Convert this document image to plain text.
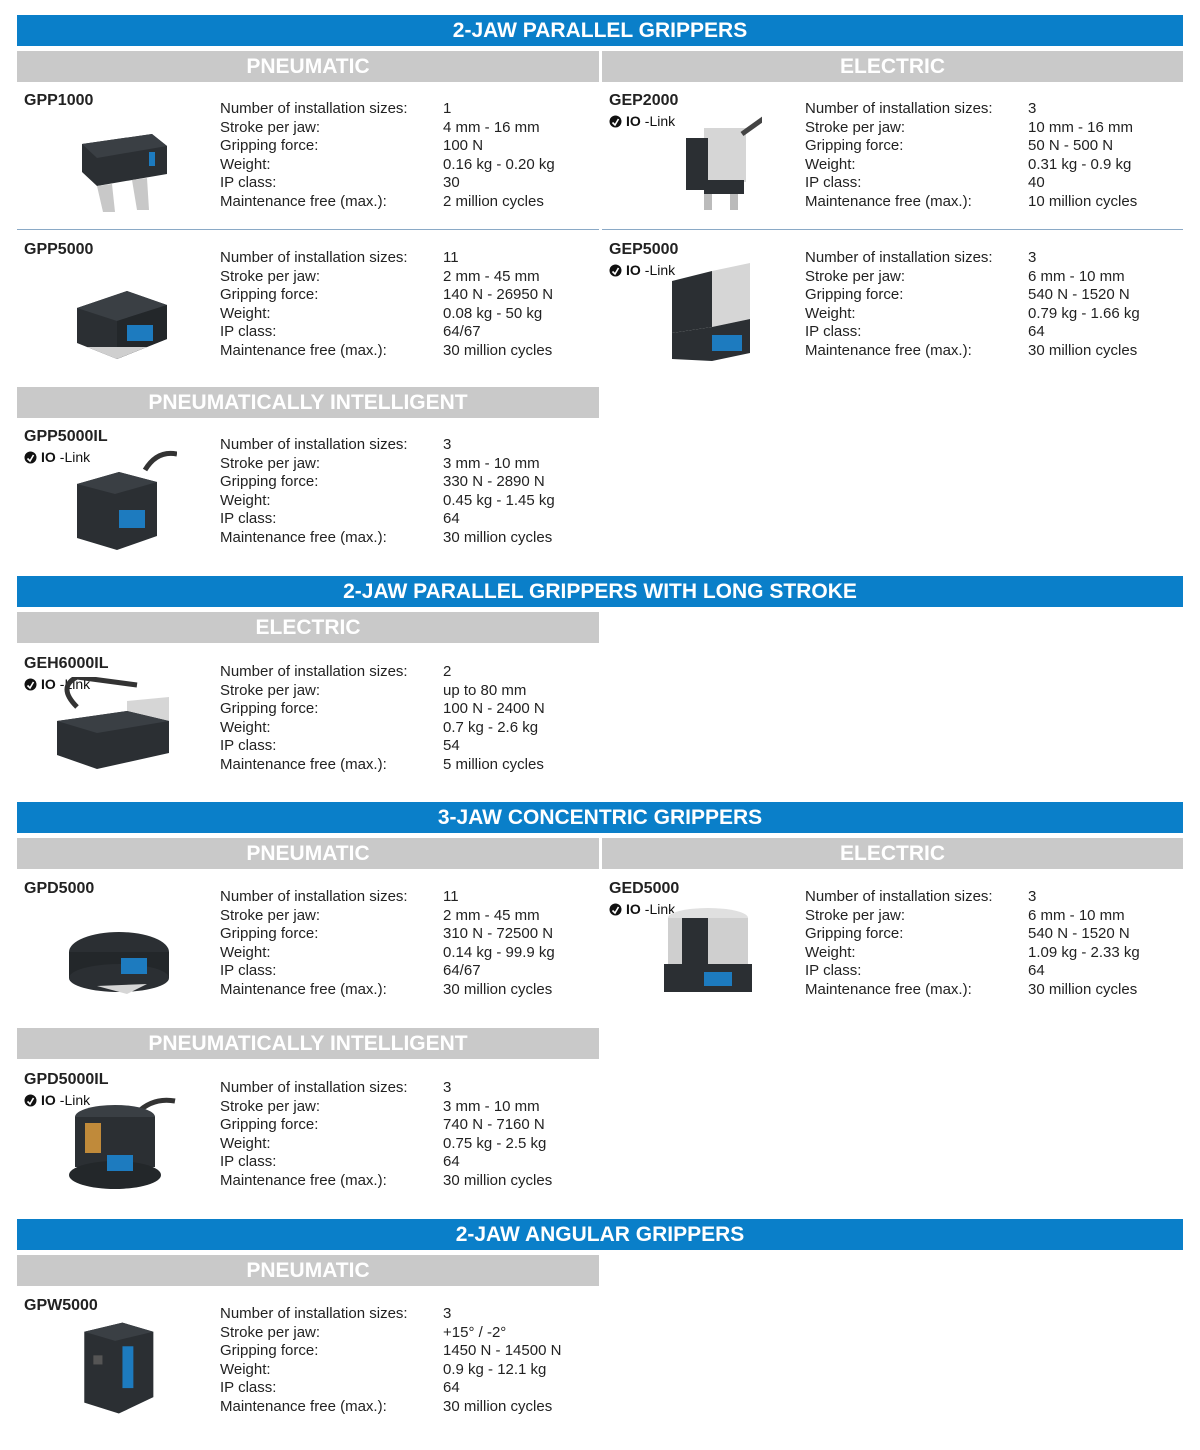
2-JAW PARALLEL GRIPPERS
PNEUMATIC	ELECTRIC
GPP1000	Number of installation sizes:	1
Stroke per jaw:	4 mm - 16 mm
Gripping force:	100 N
Weight:	0.16 kg - 0.20 kg
IP class:	30
Maintenance free (max.):	2 million cycles
GEP2000
IO -Link
Number of installation sizes:	3
Stroke per jaw:	10 mm - 16 mm
Gripping force:	50 N - 500 N
Weight:	0.31 kg - 0.9 kg
IP class:	40
Maintenance free (max.):	10 million cycles
GPP5000	Number of installation sizes:	11
Stroke per jaw:	2 mm - 45 mm
Gripping force:	140 N - 26950 N
Weight:	0.08 kg - 50 kg
IP class:	64/67
Maintenance free (max.):	30 million cycles
GEP5000
IO -Link
Number of installation sizes:	3
Stroke per jaw:	6 mm - 10 mm
Gripping force:	540 N - 1520 N
Weight:	0.79 kg - 1.66 kg
IP class:	64
Maintenance free (max.):	30 million cycles
PNEUMATICALLY INTELLIGENT
GPP5000IL
IO -Link
Number of installation sizes:	3
Stroke per jaw:	3 mm - 10 mm
Gripping force:	330 N - 2890 N
Weight:	0.45 kg - 1.45 kg
IP class:	64
Maintenance free (max.):	30 million cycles
2-JAW PARALLEL GRIPPERS WITH LONG STROKE
ELECTRIC
GEH6000IL
IO -Link
Number of installation sizes:	2
Stroke per jaw:	up to 80 mm
Gripping force:	100 N - 2400 N
Weight:	0.7 kg - 2.6 kg
IP class:	54
Maintenance free (max.):	5 million cycles
3-JAW CONCENTRIC GRIPPERS
PNEUMATIC	ELECTRIC
GPD5000	Number of installation sizes:	11
Stroke per jaw:	2 mm - 45 mm
Gripping force:	310 N - 72500 N
Weight:	0.14 kg - 99.9 kg
IP class:	64/67
Maintenance free (max.):	30 million cycles
GED5000
IO -Link
Number of installation sizes:	3
Stroke per jaw:	6 mm - 10 mm
Gripping force:	540 N - 1520 N
Weight:	1.09 kg - 2.33 kg
IP class:	64
Maintenance free (max.):	30 million cycles
PNEUMATICALLY INTELLIGENT
GPD5000IL
IO -Link
Number of installation sizes:	3
Stroke per jaw:	3 mm - 10 mm
Gripping force:	740 N - 7160 N
Weight:	0.75 kg - 2.5 kg
IP class:	64
Maintenance free (max.):	30 million cycles
2-JAW ANGULAR GRIPPERS
PNEUMATIC
GPW5000	Number of installation sizes:	3
Stroke per jaw:	+15° / -2°
Gripping force:	1450 N - 14500 N
Weight:	0.9 kg - 12.1 kg
IP class:	64
Maintenance free (max.):	30 million cycles
